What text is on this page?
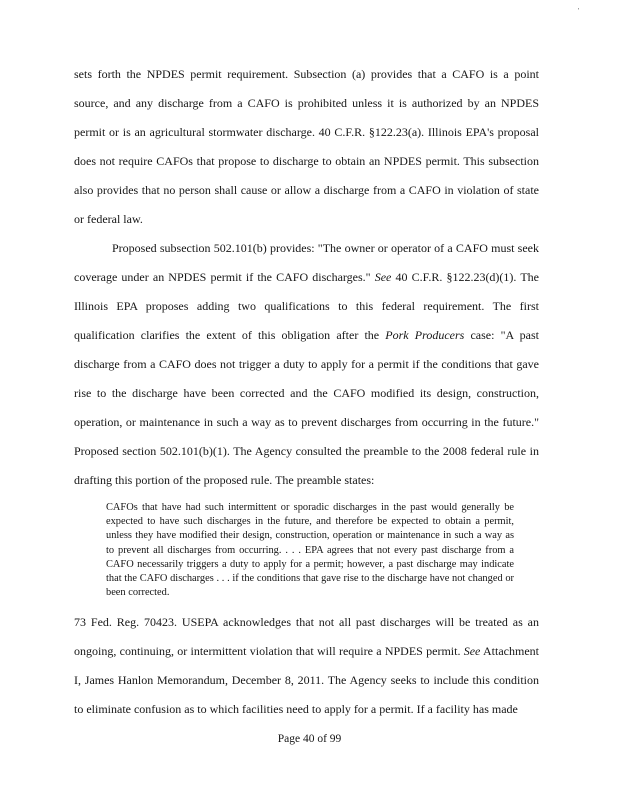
'

sets forth the NPDES permit requirement. Subsection (a) provides that a CAFO is a point source, and any discharge from a CAFO is prohibited unless it is authorized by an NPDES permit or is an agricultural stormwater discharge. 40 C.F.R. §122.23(a). Illinois EPA's proposal does not require CAFOs that propose to discharge to obtain an NPDES permit. This subsection also provides that no person shall cause or allow a discharge from a CAFO in violation of state or federal law.

Proposed subsection 502.101(b) provides: "The owner or operator of a CAFO must seek coverage under an NPDES permit if the CAFO discharges." See 40 C.F.R. §122.23(d)(1). The Illinois EPA proposes adding two qualifications to this federal requirement. The first qualification clarifies the extent of this obligation after the Pork Producers case: "A past discharge from a CAFO does not trigger a duty to apply for a permit if the conditions that gave rise to the discharge have been corrected and the CAFO modified its design, construction, operation, or maintenance in such a way as to prevent discharges from occurring in the future." Proposed section 502.101(b)(1). The Agency consulted the preamble to the 2008 federal rule in drafting this portion of the proposed rule. The preamble states:

CAFOs that have had such intermittent or sporadic discharges in the past would generally be expected to have such discharges in the future, and therefore be expected to obtain a permit, unless they have modified their design, construction, operation or maintenance in such a way as to prevent all discharges from occurring. . . . EPA agrees that not every past discharge from a CAFO necessarily triggers a duty to apply for a permit; however, a past discharge may indicate that the CAFO discharges . . . if the conditions that gave rise to the discharge have not changed or been corrected.

73 Fed. Reg. 70423. USEPA acknowledges that not all past discharges will be treated as an ongoing, continuing, or intermittent violation that will require a NPDES permit. See Attachment I, James Hanlon Memorandum, December 8, 2011. The Agency seeks to include this condition to eliminate confusion as to which facilities need to apply for a permit. If a facility has made

Page 40 of 99
